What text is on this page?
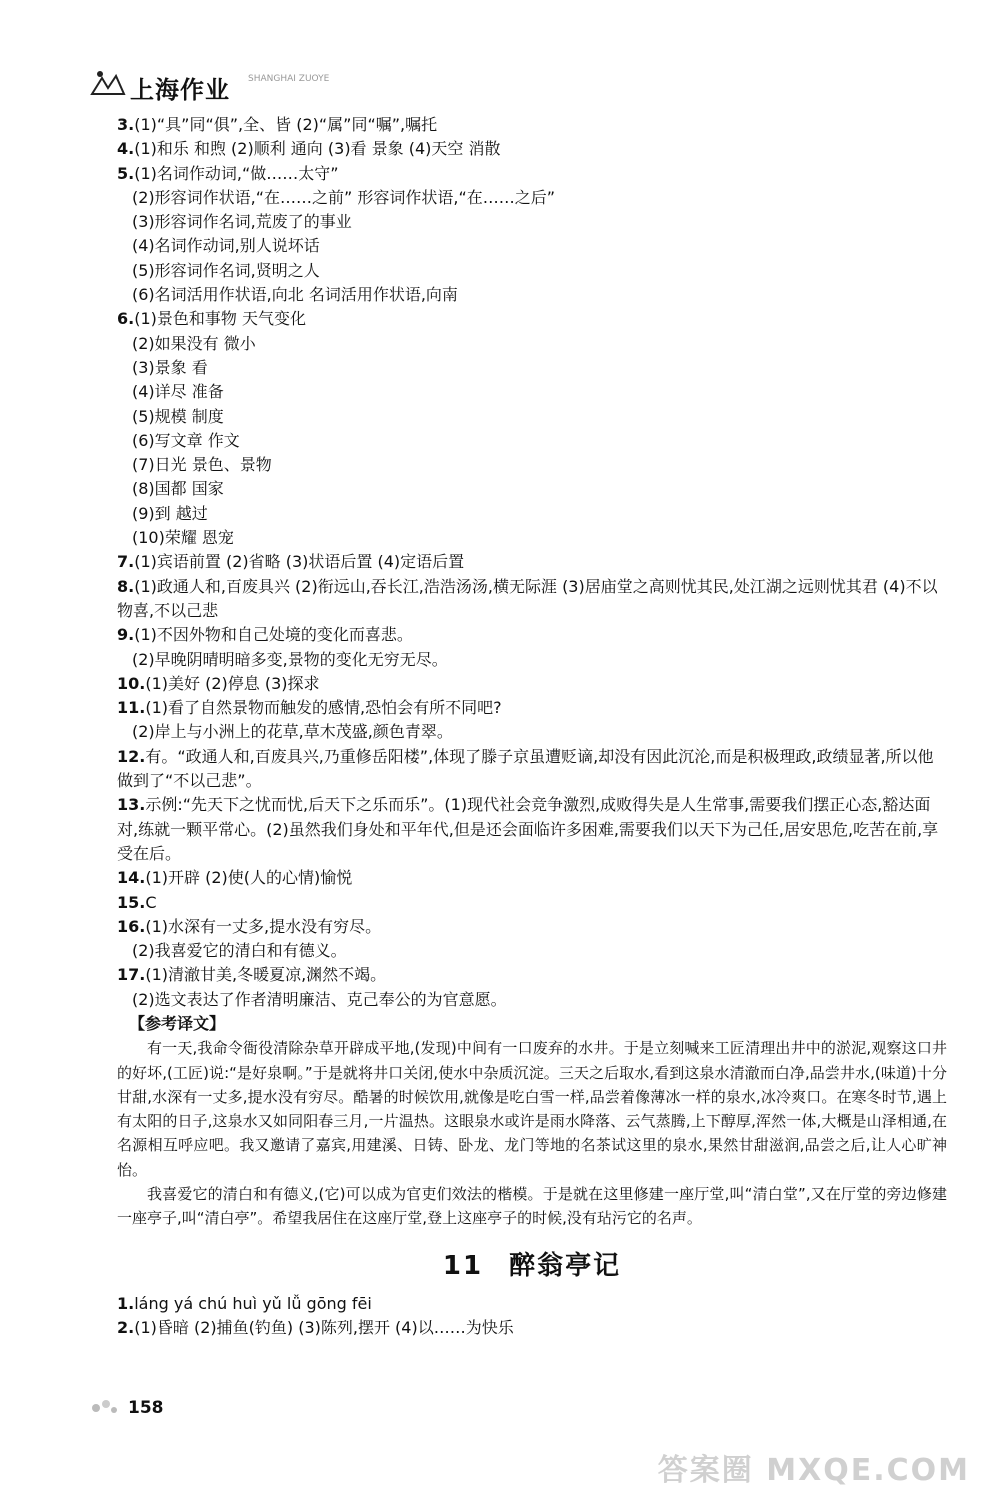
上海作业 SHANGHAI ZUOYE
3.(1)“具”同“俱”,全、皆 (2)“属”同“嘱”,嘱托
4.(1)和乐 和煦 (2)顺利 通向 (3)看 景象 (4)天空 消散
5.(1)名词作动词,“做……太守”
(2)形容词作状语,“在……之前” 形容词作状语,“在……之后”
(3)形容词作名词,荒废了的事业
(4)名词作动词,别人说坏话
(5)形容词作名词,贤明之人
(6)名词活用作状语,向北 名词活用作状语,向南
6.(1)景色和事物 天气变化
(2)如果没有 微小
(3)景象 看
(4)详尽 准备
(5)规模 制度
(6)写文章 作文
(7)日光 景色、景物
(8)国都 国家
(9)到 越过
(10)荣耀 恩宠
7.(1)宾语前置 (2)省略 (3)状语后置 (4)定语后置
8.(1)政通人和,百废具兴 (2)衔远山,吞长江,浩浩汤汤,横无际涯 (3)居庙堂之高则忧其民,处江湖之远则忧其君 (4)不以物喜,不以己悲
9.(1)不因外物和自己处境的变化而喜悲。
(2)早晚阴晴明暗多变,景物的变化无穷无尽。
10.(1)美好 (2)停息 (3)探求
11.(1)看了自然景物而触发的感情,恐怕会有所不同吧?
(2)岸上与小洲上的花草,草木茂盛,颜色青翠。
12.有。“政通人和,百废具兴,乃重修岳阳楼”,体现了滕子京虽遭贬谪,却没有因此沉沦,而是积极理政,政绩显著,所以他做到了“不以己悲”。
13.示例:“先天下之忧而忧,后天下之乐而乐”。(1)现代社会竞争激烈,成败得失是人生常事,需要我们摆正心态,豁达面对,练就一颗平常心。(2)虽然我们身处和平年代,但是还会面临许多困难,需要我们以天下为己任,居安思危,吃苦在前,享受在后。
14.(1)开辟 (2)使(人的心情)愉悦
15.C
16.(1)水深有一丈多,提水没有穷尽。
(2)我喜爱它的清白和有德义。
17.(1)清澈甘美,冬暖夏凉,渊然不竭。
(2)选文表达了作者清明廉洁、克己奉公的为官意愿。
【参考译文】

有一天,我命令衙役清除杂草开辟成平地,(发现)中间有一口废弃的水井。于是立刻喊来工匠清理出井中的淤泥,观察这口井的好坏,(工匠)说:“是好泉啊。”于是就将井口关闭,使水中杂质沉淀。三天之后取水,看到这泉水清澈而白净,品尝井水,(味道)十分甘甜,水深有一丈多,提水没有穷尽。酷暑的时候饮用,就像是吃白雪一样,品尝着像薄冰一样的泉水,冰冷爽口。在寒冬时节,遇上有太阳的日子,这泉水又如同阳春三月,一片温热。这眼泉水或许是雨水降落、云气蒸腾,上下醇厚,浑然一体,大概是山泽相通,在名源相互呼应吧。我又邀请了嘉宾,用建溪、日铸、卧龙、龙门等地的名茶试这里的泉水,果然甘甜滋润,品尝之后,让人心旷神怡。

我喜爱它的清白和有德义,(它)可以成为官吏们效法的楷模。于是就在这里修建一座厅堂,叫“清白堂”,又在厅堂的旁边修建一座亭子,叫“清白亭”。希望我居住在这座厅堂,登上这座亭子的时候,没有玷污它的名声。

11 醉翁亭记
1.láng yá chú huì yǔ lǚ gōng fēi
2.(1)昏暗 (2)捕鱼(钓鱼) (3)陈列,摆开 (4)以……为快乐
158
答案圈 MXQE.COM
